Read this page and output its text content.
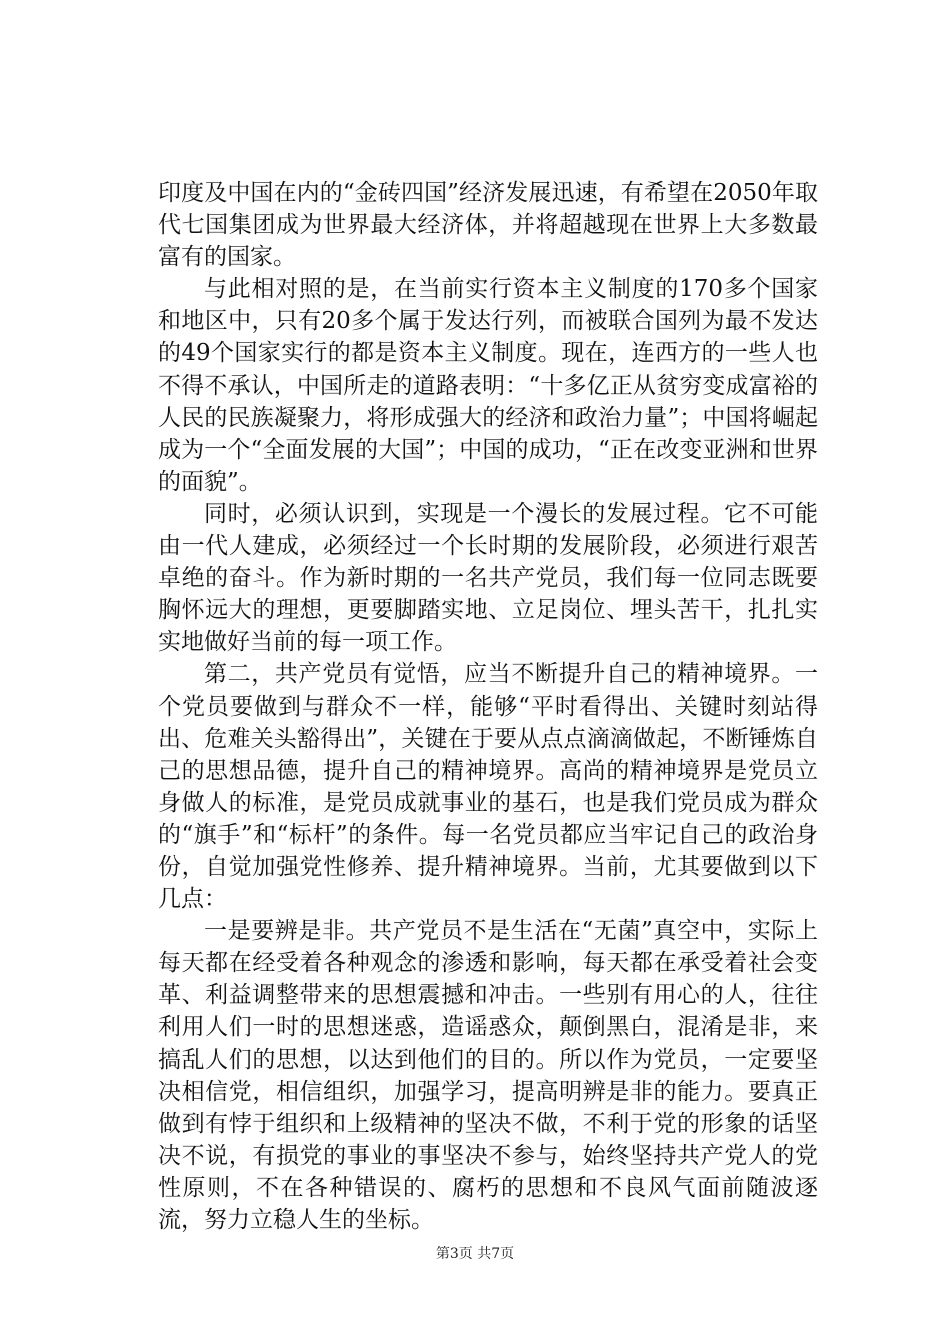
印度及中国在内的“金砖四国”经济发展迅速，有希望在2050年取代七国集团成为世界最大经济体，并将超越现在世界上大多数最富有的国家。

与此相对照的是，在当前实行资本主义制度的170多个国家和地区中，只有20多个属于发达行列，而被联合国列为最不发达的49个国家实行的都是资本主义制度。现在，连西方的一些人也不得不承认，中国所走的道路表明：“十多亿正从贫穷变成富裕的人民的民族凝聚力，将形成强大的经济和政治力量”；中国将崛起成为一个“全面发展的大国”；中国的成功，“正在改变亚洲和世界的面貌”。

同时，必须认识到，实现是一个漫长的发展过程。它不可能由一代人建成，必须经过一个长时期的发展阶段，必须进行艰苦卓绝的奋斗。作为新时期的一名共产党员，我们每一位同志既要胸怀远大的理想，更要脚踏实地、立足岗位、埋头苦干，扎扎实实地做好当前的每一项工作。

第二，共产党员有觉悟，应当不断提升自己的精神境界。一个党员要做到与群众不一样，能够“平时看得出、关键时刻站得出、危难关头豁得出”，关键在于要从点点滴滴做起，不断锤炼自己的思想品德，提升自己的精神境界。高尚的精神境界是党员立身做人的标准，是党员成就事业的基石，也是我们党员成为群众的“旗手”和“标杆”的条件。每一名党员都应当牢记自己的政治身份，自觉加强党性修养、提升精神境界。当前，尤其要做到以下几点：

一是要辨是非。共产党员不是生活在“无菌”真空中，实际上每天都在经受着各种观念的渗透和影响，每天都在承受着社会变革、利益调整带来的思想震撼和冲击。一些别有用心的人，往往利用人们一时的思想迷惑，造谣惑众，颠倒黑白，混淆是非，来搞乱人们的思想，以达到他们的目的。所以作为党员，一定要坚决相信党，相信组织，加强学习，提高明辨是非的能力。要真正做到有悖于组织和上级精神的坚决不做，不利于党的形象的话坚决不说，有损党的事业的事坚决不参与，始终坚持共产党人的党性原则，不在各种错误的、腐朽的思想和不良风气面前随波逐流，努力立稳人生的坐标。

第3页 共7页
